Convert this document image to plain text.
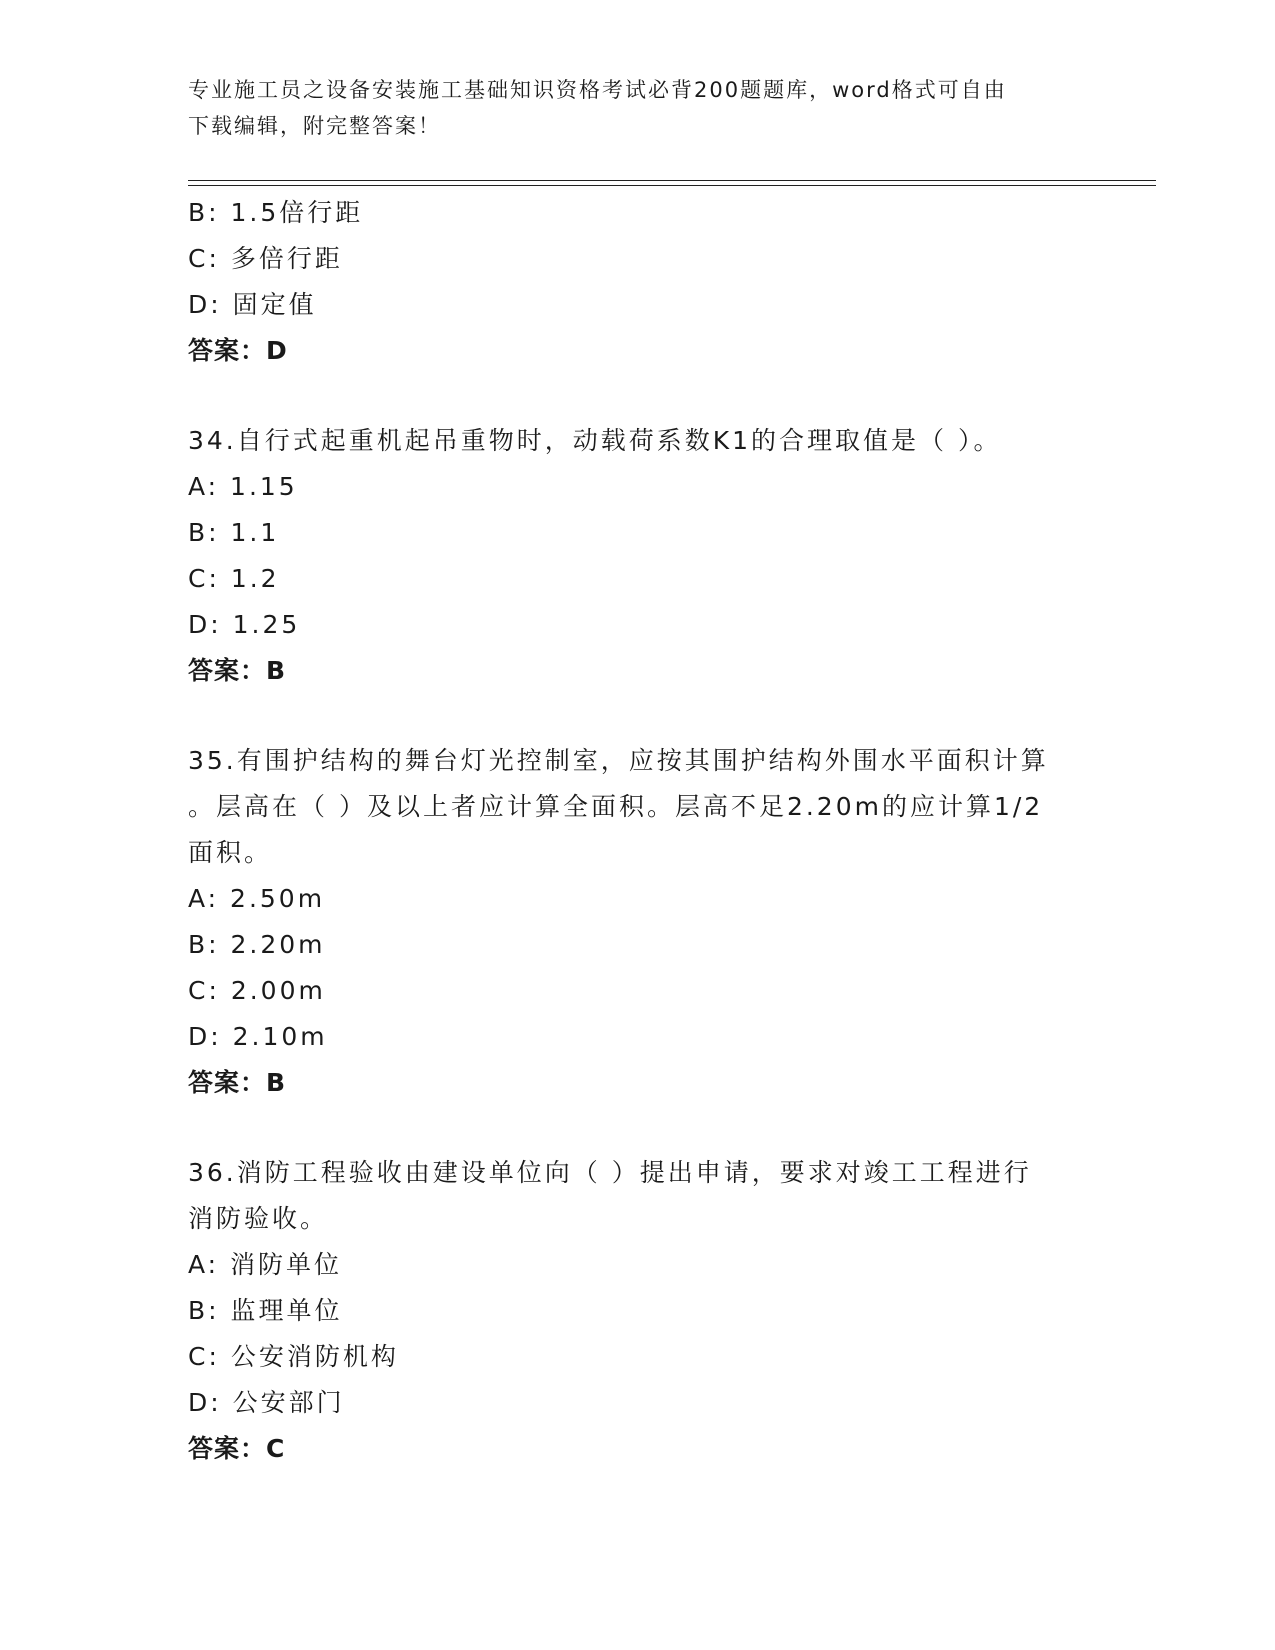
专业施工员之设备安装施工基础知识资格考试必背200题题库，word格式可自由
下载编辑，附完整答案！
B: 1.5倍行距
C: 多倍行距
D: 固定值
答案：D
34.自行式起重机起吊重物时，动载荷系数K1的合理取值是（ ）。
A: 1.15
B: 1.1
C: 1.2
D: 1.25
答案：B
35.有围护结构的舞台灯光控制室，应按其围护结构外围水平面积计算
。层高在（ ）及以上者应计算全面积。层高不足2.20m的应计算1/2
面积。
A: 2.50m
B: 2.20m
C: 2.00m
D: 2.10m
答案：B
36.消防工程验收由建设单位向（ ）提出申请，要求对竣工工程进行
消防验收。
A: 消防单位
B: 监理单位
C: 公安消防机构
D: 公安部门
答案：C
